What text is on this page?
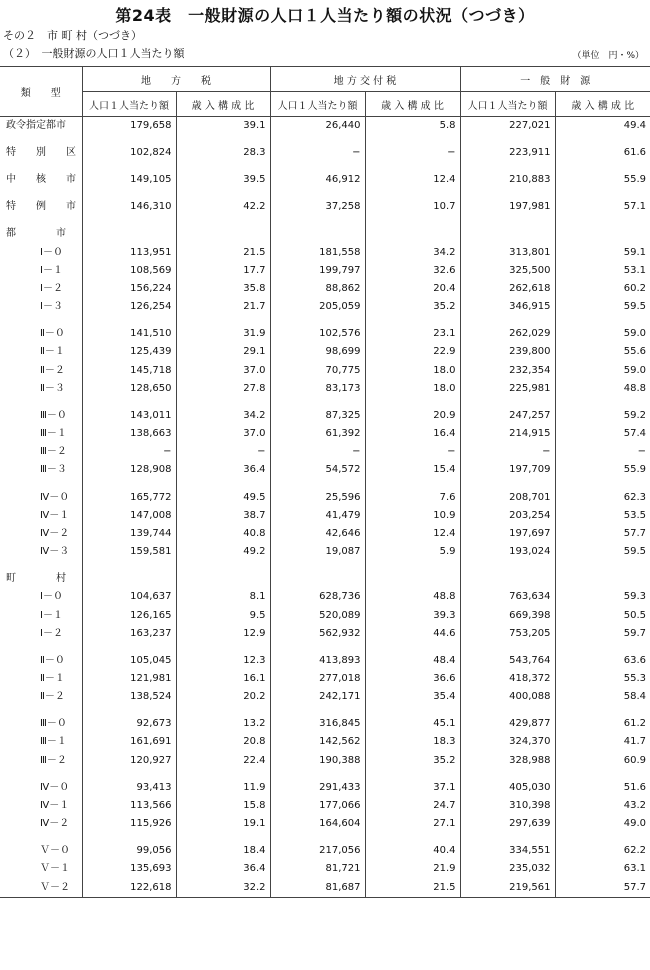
第24表　一般財源の人口１人当たり額の状況（つづき）
その２　市 町 村（つづき）
（２）　一般財源の人口１人当たり額	（単位　円・%）
類　　型	地　　方　　税		地 方 交 付 税		一　般　財　源	
	人口１人当たり額	歳 入 構 成 比	人口１人当たり額	歳 入 構 成 比	人口１人当たり額	歳 入 構 成 比
政令指定都市	179,658	39.1	26,440	5.8	227,021	49.4

特　　別　　区	102,824	28.3	−	−	223,911	61.6

中　　核　　市	149,105	39.5	46,912	12.4	210,883	55.9

特　　例　　市	146,310	42.2	37,258	10.7	197,981	57.1

都　　　　市						
Ⅰ－０	113,951	21.5	181,558	34.2	313,801	59.1
Ⅰ－１	108,569	17.7	199,797	32.6	325,500	53.1
Ⅰ－２	156,224	35.8	88,862	20.4	262,618	60.2
Ⅰ－３	126,254	21.7	205,059	35.2	346,915	59.5

Ⅱ－０	141,510	31.9	102,576	23.1	262,029	59.0
Ⅱ－１	125,439	29.1	98,699	22.9	239,800	55.6
Ⅱ－２	145,718	37.0	70,775	18.0	232,354	59.0
Ⅱ－３	128,650	27.8	83,173	18.0	225,981	48.8

Ⅲ－０	143,011	34.2	87,325	20.9	247,257	59.2
Ⅲ－１	138,663	37.0	61,392	16.4	214,915	57.4
Ⅲ－２	−	−	−	−	−	−
Ⅲ－３	128,908	36.4	54,572	15.4	197,709	55.9

Ⅳ－０	165,772	49.5	25,596	7.6	208,701	62.3
Ⅳ－１	147,008	38.7	41,479	10.9	203,254	53.5
Ⅳ－２	139,744	40.8	42,646	12.4	197,697	57.7
Ⅳ－３	159,581	49.2	19,087	5.9	193,024	59.5

町　　　　村						
Ⅰ－０	104,637	8.1	628,736	48.8	763,634	59.3
Ⅰ－１	126,165	9.5	520,089	39.3	669,398	50.5
Ⅰ－２	163,237	12.9	562,932	44.6	753,205	59.7

Ⅱ－０	105,045	12.3	413,893	48.4	543,764	63.6
Ⅱ－１	121,981	16.1	277,018	36.6	418,372	55.3
Ⅱ－２	138,524	20.2	242,171	35.4	400,088	58.4

Ⅲ－０	92,673	13.2	316,845	45.1	429,877	61.2
Ⅲ－１	161,691	20.8	142,562	18.3	324,370	41.7
Ⅲ－２	120,927	22.4	190,388	35.2	328,988	60.9

Ⅳ－０	93,413	11.9	291,433	37.1	405,030	51.6
Ⅳ－１	113,566	15.8	177,066	24.7	310,398	43.2
Ⅳ－２	115,926	19.1	164,604	27.1	297,639	49.0

Ｖ－０	99,056	18.4	217,056	40.4	334,551	62.2
Ｖ－１	135,693	36.4	81,721	21.9	235,032	63.1
Ｖ－２	122,618	32.2	81,687	21.5	219,561	57.7
